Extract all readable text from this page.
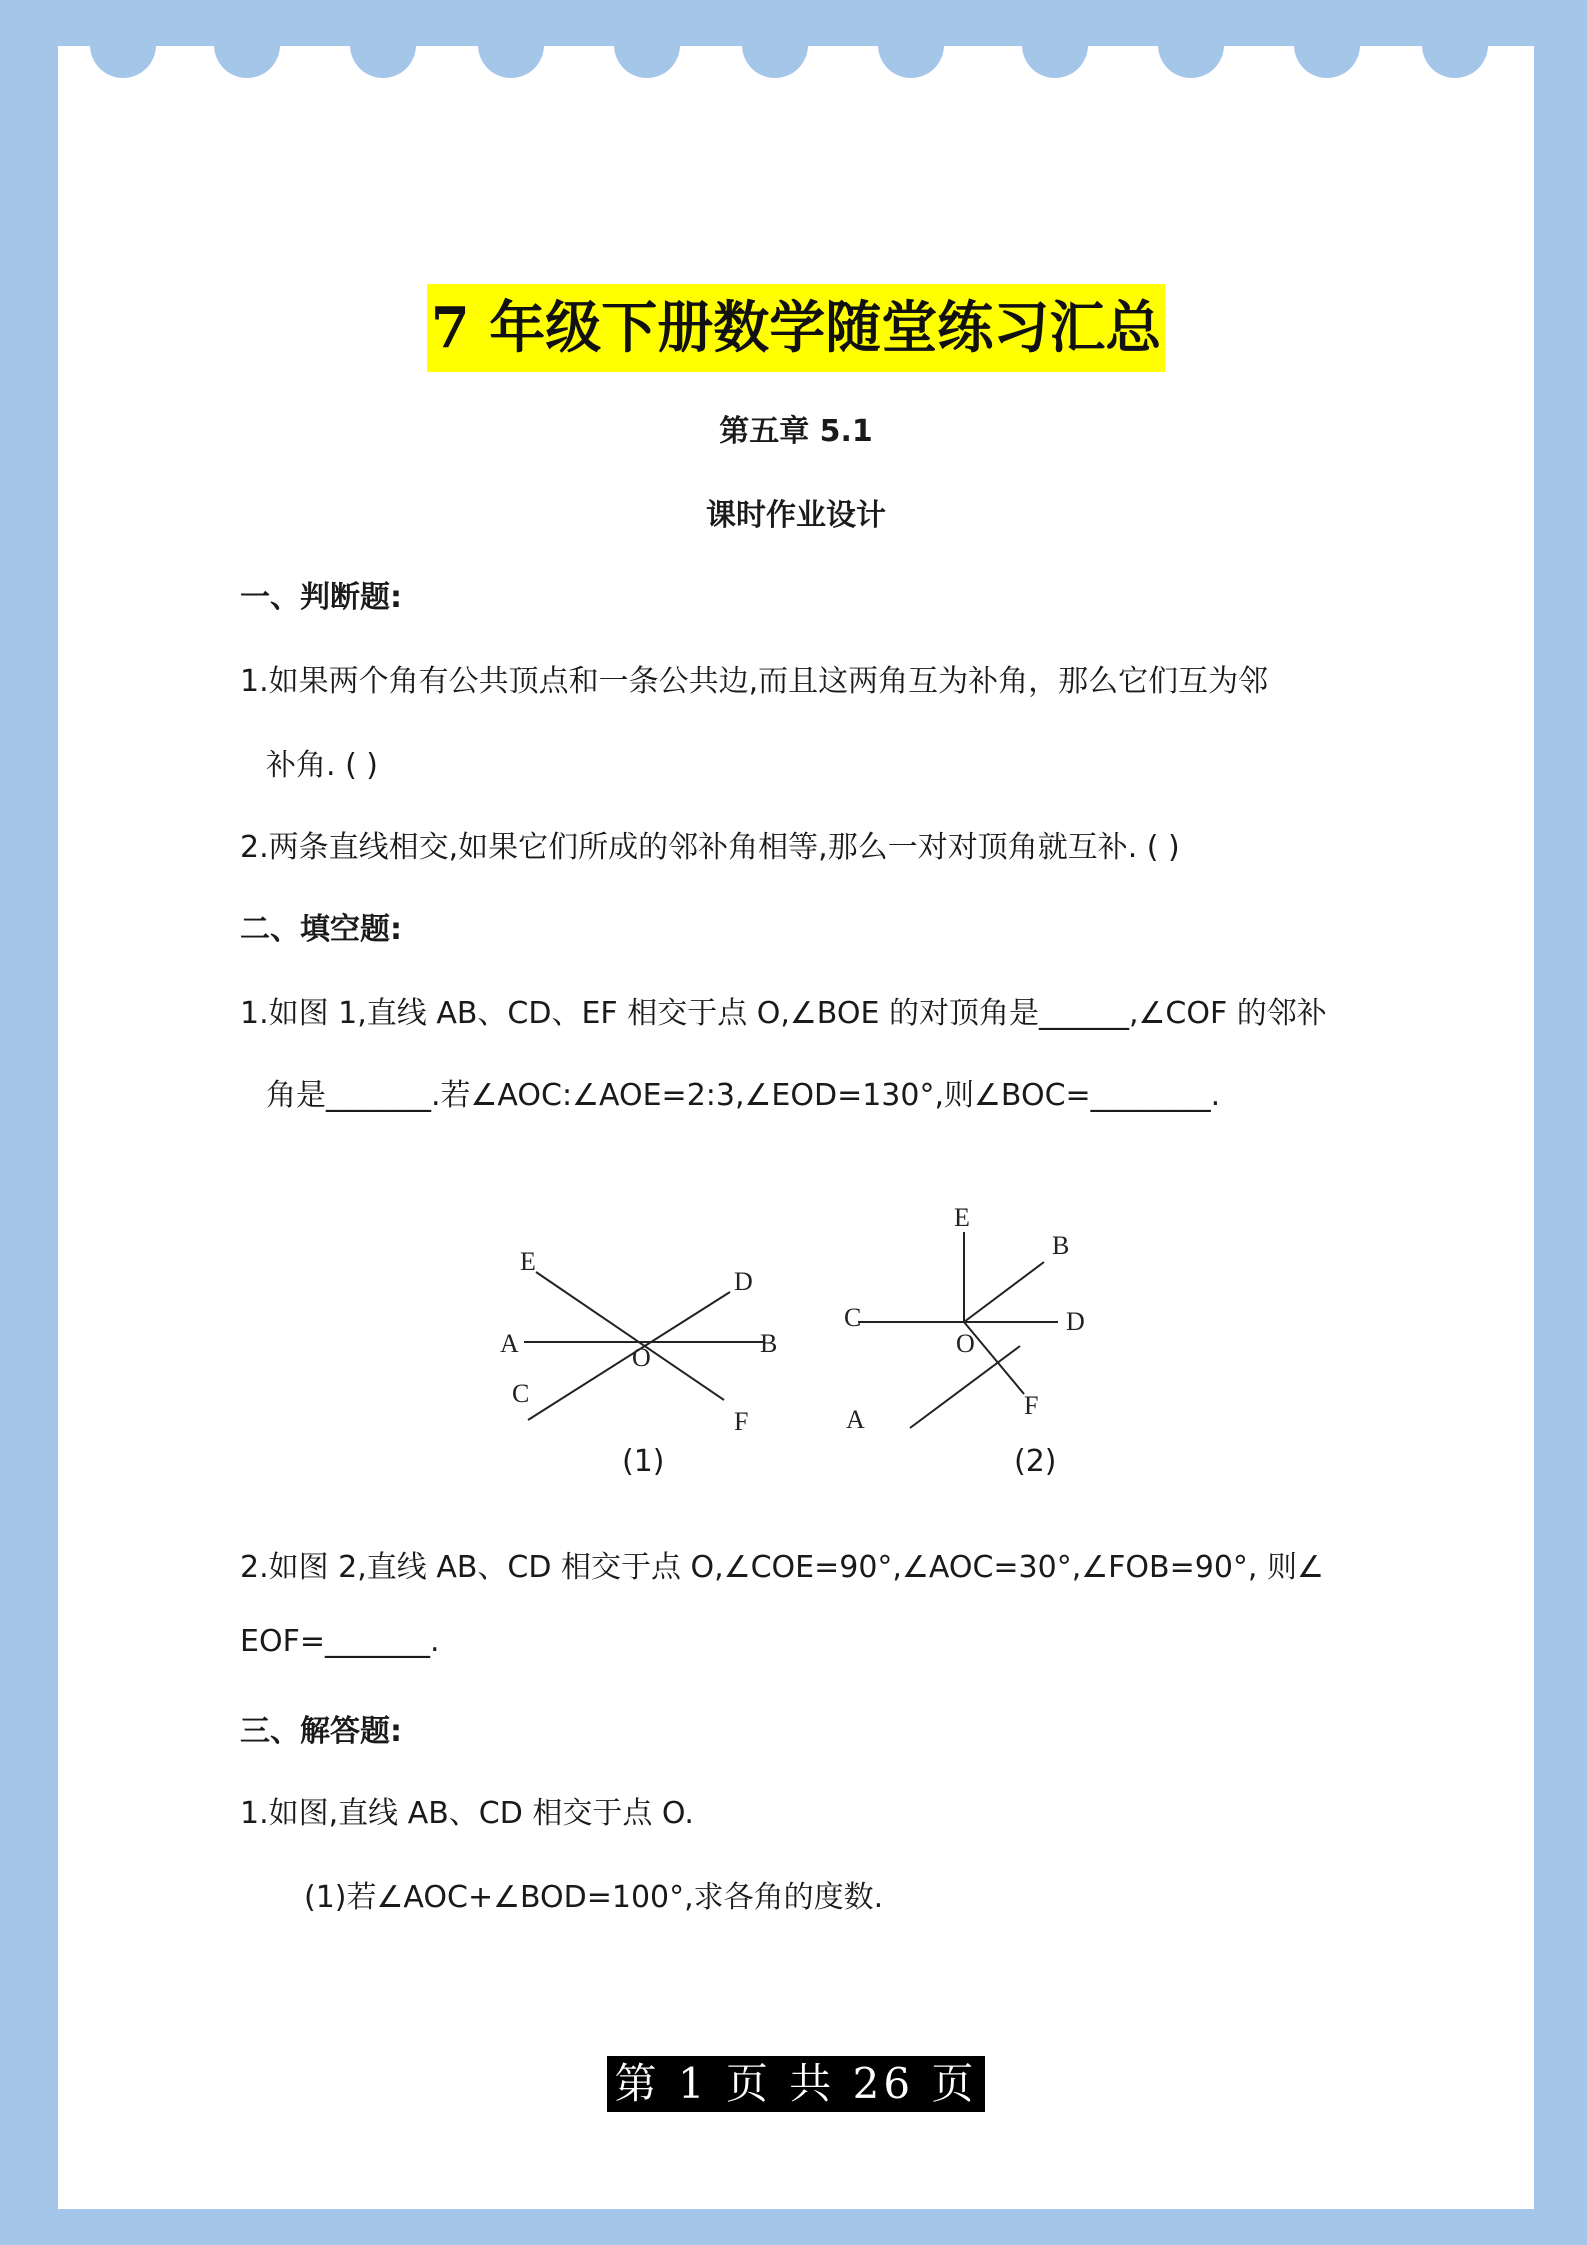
7 年级下册数学随堂练习汇总
第五章 5.1
课时作业设计
一、判断题:
1.如果两个角有公共顶点和一条公共边,而且这两角互为补角，那么它们互为邻
补角. ( )
2.两条直线相交,如果它们所成的邻补角相等,那么一对对顶角就互补. ( )
二、填空题:
1.如图 1,直线 AB、CD、EF 相交于点 O,∠BOE 的对顶角是______,∠COF 的邻补
角是_______.若∠AOC:∠AOE=2:3,∠EOD=130°,则∠BOC=________.
A	B
C
D
E
F
O
C	D
E
B
A	F
O
(1)	(2)
2.如图 2,直线 AB、CD 相交于点 O,∠COE=90°,∠AOC=30°,∠FOB=90°, 则∠
EOF=_______.
三、解答题:
1.如图,直线 AB、CD 相交于点 O.
(1)若∠AOC+∠BOD=100°,求各角的度数.
第 1 页 共 26 页
